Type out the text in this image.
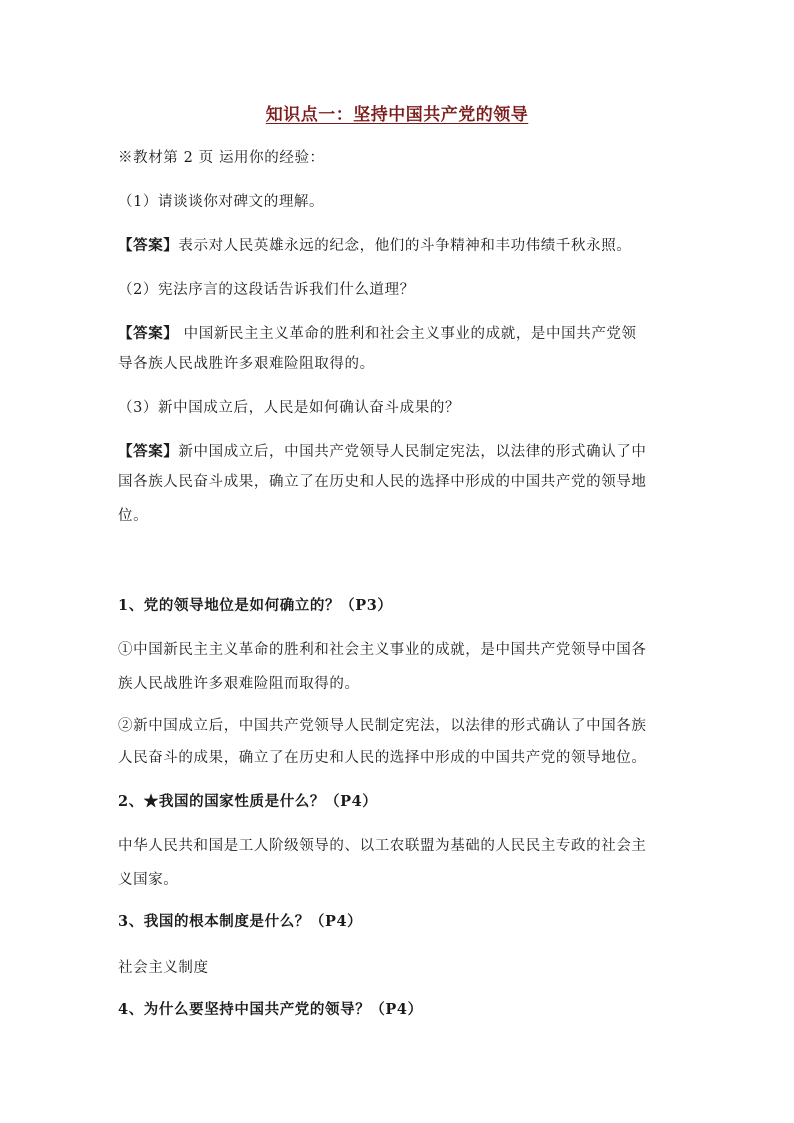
知识点一：坚持中国共产党的领导
※教材第 2 页 运用你的经验：
（1）请谈谈你对碑文的理解。
【答案】表示对人民英雄永远的纪念，他们的斗争精神和丰功伟绩千秋永照。
（2）宪法序言的这段话告诉我们什么道理？
【答案】 中国新民主主义革命的胜利和社会主义事业的成就，是中国共产党领
导各族人民战胜许多艰难险阻取得的。
（3）新中国成立后，人民是如何确认奋斗成果的？
【答案】新中国成立后，中国共产党领导人民制定宪法，以法律的形式确认了中
国各族人民奋斗成果，确立了在历史和人民的选择中形成的中国共产党的领导地
位。
1、党的领导地位是如何确立的？（P3）
①中国新民主主义革命的胜利和社会主义事业的成就，是中国共产党领导中国各
族人民战胜许多艰难险阻而取得的。
②新中国成立后，中国共产党领导人民制定宪法，以法律的形式确认了中国各族
人民奋斗的成果，确立了在历史和人民的选择中形成的中国共产党的领导地位。
2、★我国的国家性质是什么？（P4）
中华人民共和国是工人阶级领导的、以工农联盟为基础的人民民主专政的社会主
义国家。
3、我国的根本制度是什么？（P4）
社会主义制度
4、为什么要坚持中国共产党的领导？（P4）
